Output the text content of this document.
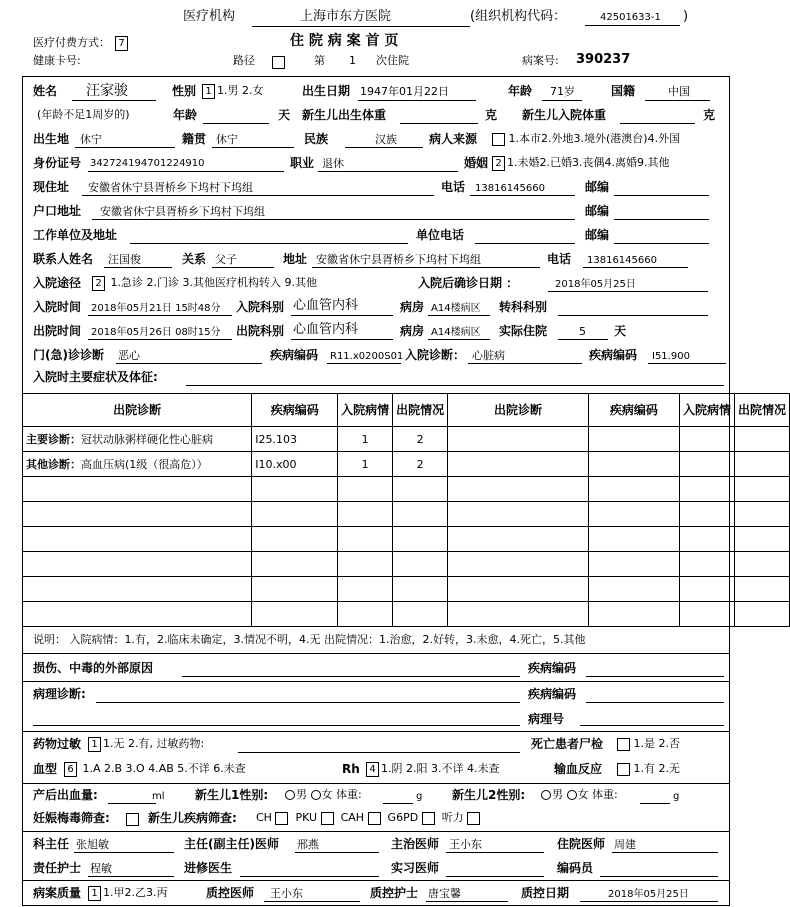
医疗机构	上海市东方医院	(组织机构代码：	42501633-1 )
医疗付费方式： 7	住 院 病 案 首 页
健康卡号:	路径	第 1 次住院	病案号: 390237
姓名 汪家骏	性别 1 1.男 2.女	出生日期 1947年01月22日	年龄 71岁	国籍	中国
(年龄不足1周岁的)	年龄	天 新生儿出生体重	克 新生儿入院体重	克
出生地 休宁	籍贯 休宁	民族	汉族	病人来源	1.本市2.外地3.境外(港澳台)4.外国
身份证号 342724194701224910	职业 退休	婚姻 2 1.未婚2.已婚3.丧偶4.离婚9.其他
现住址 安徽省休宁县胥桥乡下坞村下坞组	电话 13816145660	邮编
户口地址 安徽省休宁县胥桥乡下坞村下坞组	邮编
工作单位及地址	单位电话	邮编
联系人姓名 汪国俊	关系 父子	地址 安徽省休宁县胥桥乡下坞村下坞组	电话 13816145660
入院途径	2 1.急诊 2.门诊 3.其他医疗机构转入 9.其他	入院后确诊日期 ：	2018年05月25日
入院时间 2018年05月21日 15时48分 入院科别 心血管内科	病房 A14楼病区 转科科别
出院时间 2018年05月26日 08时15分 出院科别 心血管内科	病房 A14楼病区 实际住院	5 天
门(急)诊诊断 恶心	疾病编码 R11.x0200S01 入院诊断： 心脏病	疾病编码 I51.900
入院时主要症状及体征:
出院诊断	疾病编码	入院病情	出院情况	出院诊断	疾病编码	入院病情	出院情况
主要诊断：冠状动脉粥样硬化性心脏病	I25.103	1	2				
其他诊断：高血压病(1级（很高危））	I10.x00	1	2				

说明： 入院病情：1.有，2.临床未确定，3.情况不明，4.无 出院情况：1.治愈，2.好转，3.未愈，4.死亡，5.其他
损伤、中毒的外部原因	疾病编码
病理诊断:	疾病编码
病理号
药物过敏	1 1.无 2.有, 过敏药物:	死亡患者尸检	1.是 2.否
血型	6 1.A 2.B 3.O 4.AB 5.不详 6.未查	Rh 4 1.阴 2.阳 3.不详 4.未查	输血反应	1.有 2.无
产后出血量:	ml	新生儿1性别:	男 女 体重:	g 新生儿2性别:	男 女 体重:	g
妊娠梅毒筛查:	新生儿疾病筛查: CH PKU CAH G6PD 听力
科主任 张旭敏	主任(副主任)医师 邢燕	主治医师 王小东	住院医师 周建
责任护士 程敏	进修医生	实习医师	编码员
病案质量	1 1.甲2.乙3.丙	质控医师 王小东	质控护士 唐宝馨	质控日期	2018年05月25日
